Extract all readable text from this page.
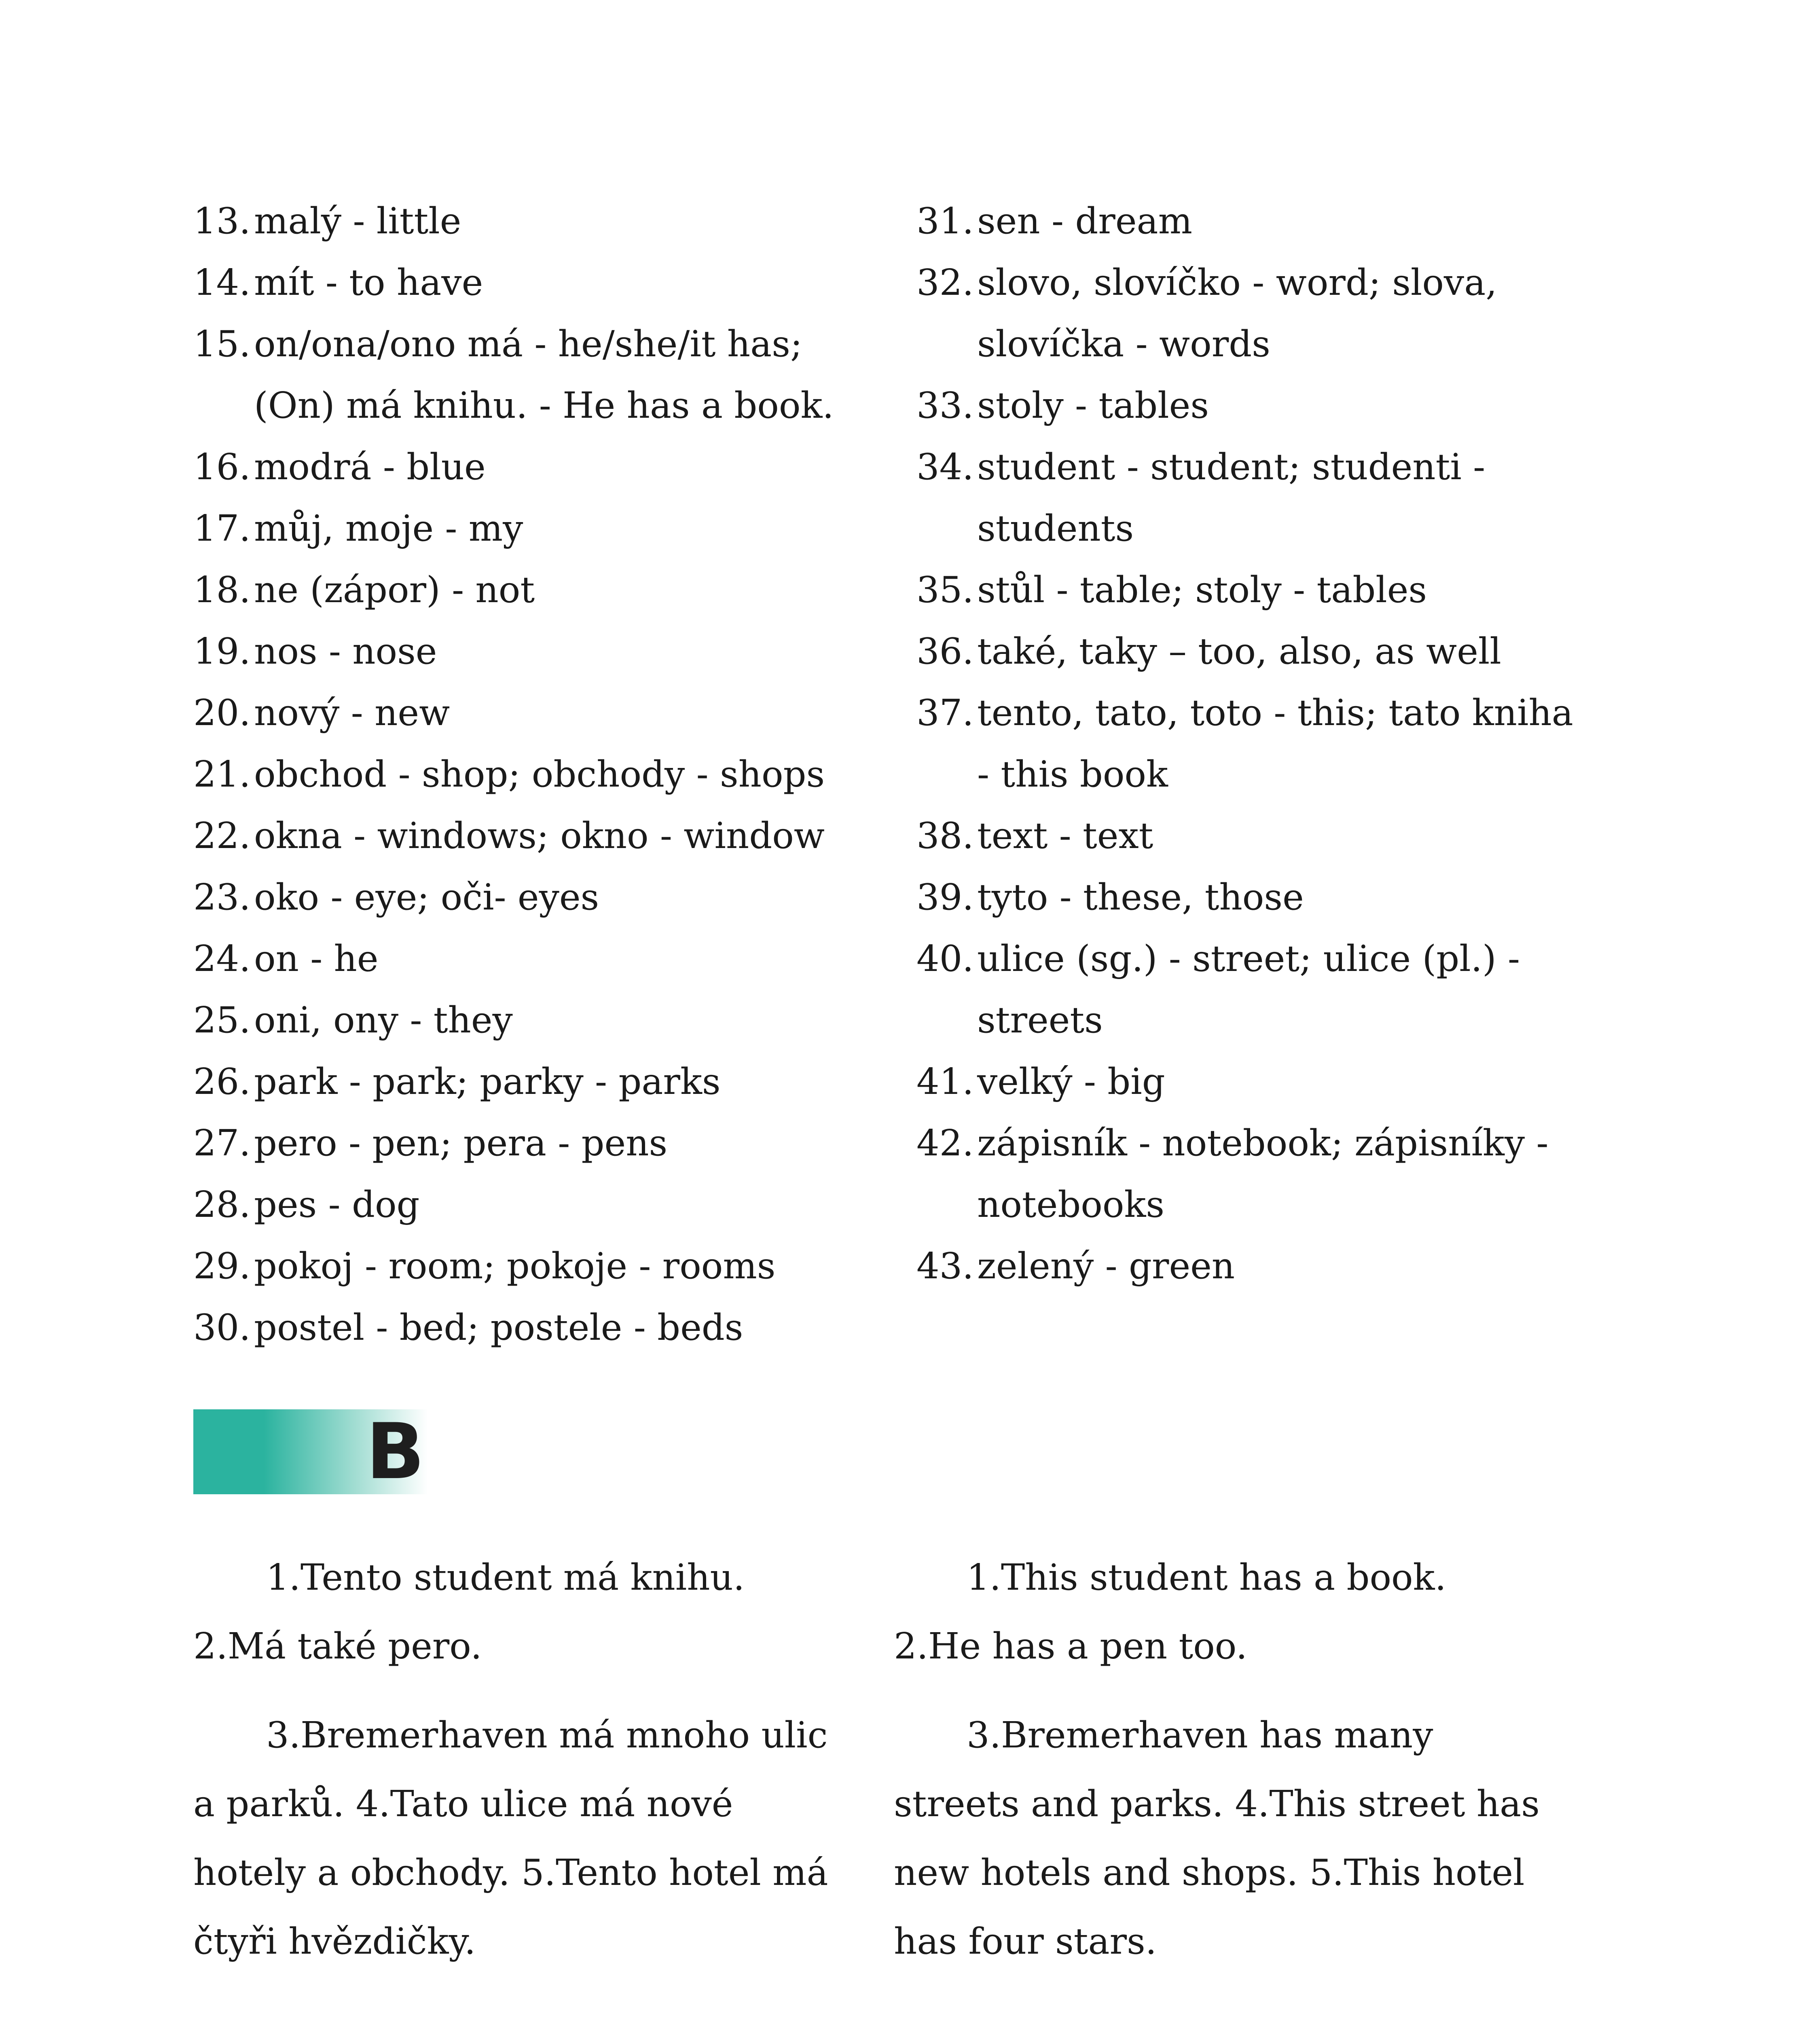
13. malý - little
14. mít - to have
15. on/ona/ono má - he/she/it has;
(On) má knihu. - He has a book.
16. modrá - blue
17. můj, moje - my
18. ne (zápor) - not
19. nos - nose
20. nový - new
21. obchod - shop; obchody - shops
22. okna - windows; okno - window
23. oko - eye; oči- eyes
24. on - he
25. oni, ony - they
26. park - park; parky - parks
27. pero - pen; pera - pens
28. pes - dog
29. pokoj - room; pokoje - rooms
30. postel - bed; postele - beds
31. sen - dream
32. slovo, slovíčko - word; slova,
slovíčka - words
33. stoly - tables
34. student - student; studenti -
students
35. stůl - table; stoly - tables
36. také, taky – too, also, as well
37. tento, tato, toto - this; tato kniha
- this book
38. text - text
39. tyto - these, those
40. ulice (sg.) - street; ulice (pl.) -
streets
41. velký - big
42. zápisník - notebook; zápisníky -
notebooks
43. zelený - green
B

1.Tento student má knihu. 2.Má také pero.

3.Bremerhaven má mnoho ulic a parků. 4.Tato ulice má nové hotely a obchody. 5.Tento hotel má čtyři hvězdičky.

1.This student has a book. 2.He has a pen too.

3.Bremerhaven has many streets and parks. 4.This street has new hotels and shops. 5.This hotel has four stars.
